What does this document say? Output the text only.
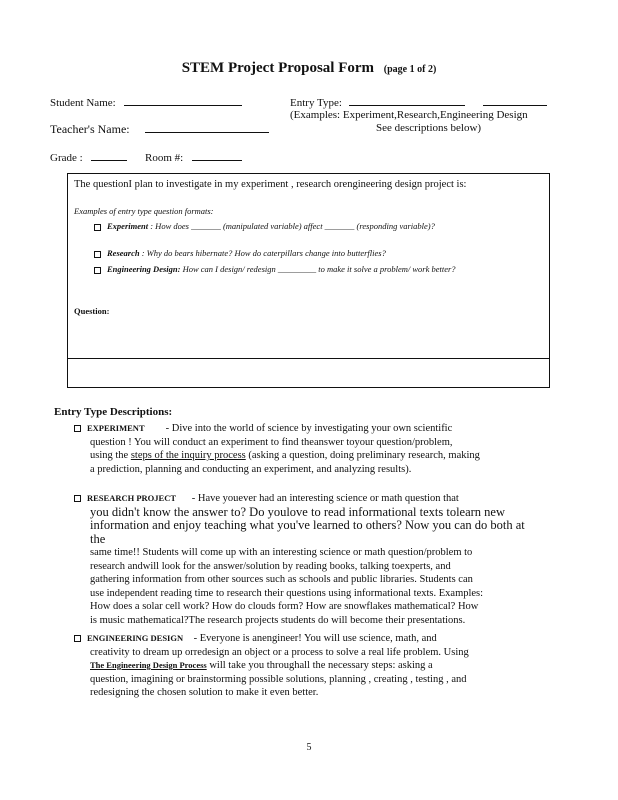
STEM Project Proposal Form (page 1 of 2)
Student Name:	Entry Type:
(Examples: Experiment,Research,Engineering Design
Teacher's Name:	See descriptions below)
Grade :	Room #:
The questionI plan to investigate in my experiment , research orengineering design project is:
Examples of entry type question formats:
Experiment : How does _______ (manipulated variable) affect _______ (responding variable)?
Research : Why do bears hibernate? How do caterpillars change into butterflies?
Engineering Design: How can I design/ redesign _________ to make it solve a problem/ work better?
Question:
Entry Type Descriptions:
EXPERIMENT - Dive into the world of science by investigating your own scientific
question ! You will conduct an experiment to find theanswer toyour question/problem,
using the steps of the inquiry process (asking a question, doing preliminary research, making
a prediction, planning and conducting an experiment, and analyzing results).
RESEARCH PROJECT - Have youever had an interesting science or math question that
you didn't know the answer to? Do youlove to read informational texts tolearn new
information and enjoy teaching what you've learned to others? Now you can do both at the
same time!! Students will come up with an interesting science or math question/problem to
research andwill look for the answer/solution by reading books, talking toexperts, and
gathering information from other sources such as schools and public libraries. Students can
use independent reading time to research their questions using informational texts. Examples:
How does a solar cell work? How do clouds form? How are snowflakes mathematical? How
is music mathematical?The research projects students do will become their presentations.
ENGINEERING DESIGN - Everyone is anengineer! You will use science, math, and
creativity to dream up orredesign an object or a process to solve a real life problem. Using
The Engineering Design Process will take you throughall the necessary steps: asking a
question, imagining or brainstorming possible solutions, planning , creating , testing , and
redesigning the chosen solution to make it even better.
5
